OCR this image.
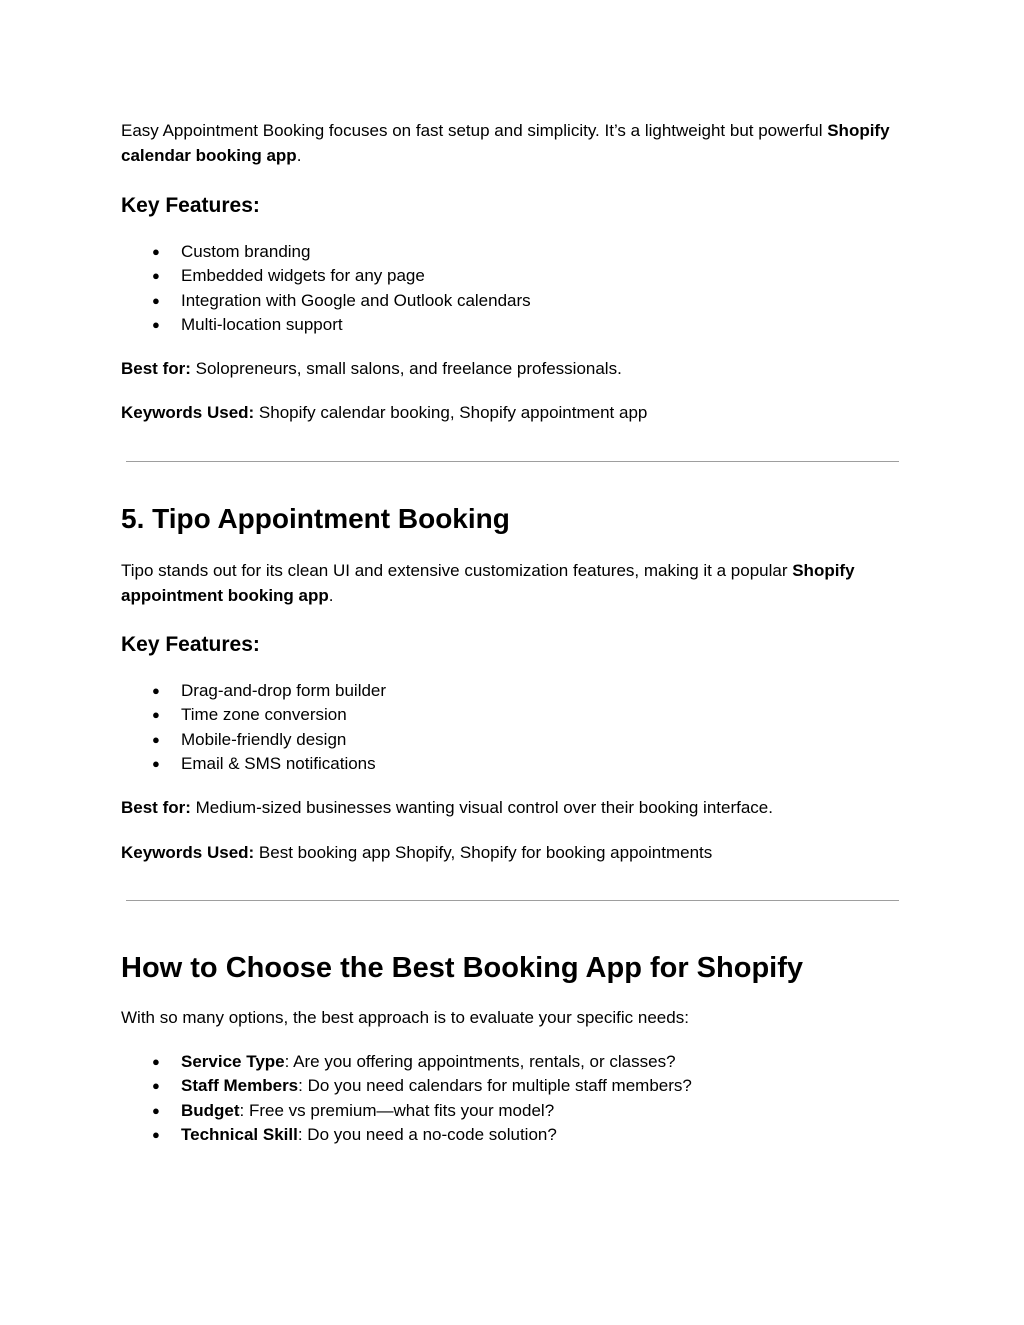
Easy Appointment Booking focuses on fast setup and simplicity. It’s a lightweight but powerful Shopify calendar booking app.

Key Features:
● Custom branding
● Embedded widgets for any page
● Integration with Google and Outlook calendars
● Multi-location support

Best for: Solopreneurs, small salons, and freelance professionals.

Keywords Used: Shopify calendar booking, Shopify appointment app

5. Tipo Appointment Booking

Tipo stands out for its clean UI and extensive customization features, making it a popular Shopify appointment booking app.

Key Features:
● Drag-and-drop form builder
● Time zone conversion
● Mobile-friendly design
● Email & SMS notifications

Best for: Medium-sized businesses wanting visual control over their booking interface.

Keywords Used: Best booking app Shopify, Shopify for booking appointments

How to Choose the Best Booking App for Shopify

With so many options, the best approach is to evaluate your specific needs:

● Service Type: Are you offering appointments, rentals, or classes?
● Staff Members: Do you need calendars for multiple staff members?
● Budget: Free vs premium—what fits your model?
● Technical Skill: Do you need a no-code solution?
